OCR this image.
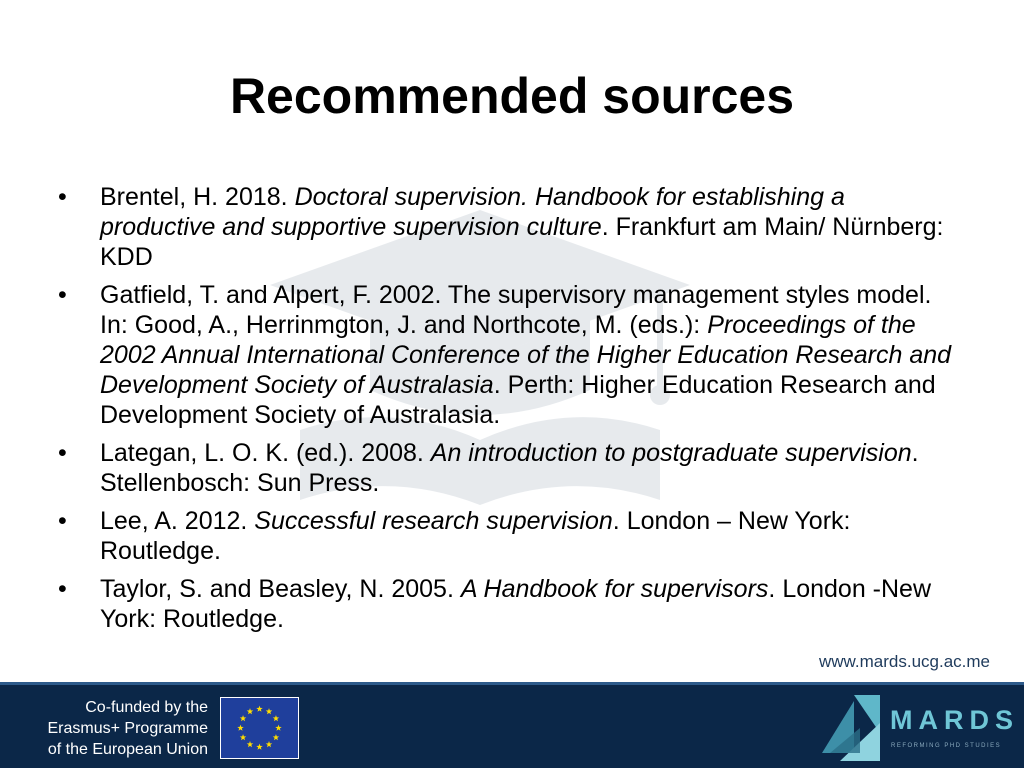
Recommended sources
• Brentel, H. 2018. Doctoral supervision. Handbook for establishing a productive and supportive supervision culture. Frankfurt am Main/ Nürnberg: KDD
• Gatfield, T. and Alpert, F. 2002. The supervisory management styles model. In: Good, A., Herrinmgton, J. and Northcote, M. (eds.): Proceedings of the 2002 Annual International Conference of the Higher Education Research and Development Society of Australasia. Perth: Higher Education Research and Development Society of Australasia.
• Lategan, L. O. K. (ed.). 2008. An introduction to postgraduate supervision. Stellenbosch: Sun Press.
• Lee, A. 2012. Successful research supervision. London – New York: Routledge.
• Taylor, S. and Beasley, N. 2005. A Handbook for supervisors. London -New York: Routledge.
www.mards.ucg.ac.me
Co-funded by the
Erasmus+ Programme
of the European Union
MARDS
REFORMING PHD STUDIES
